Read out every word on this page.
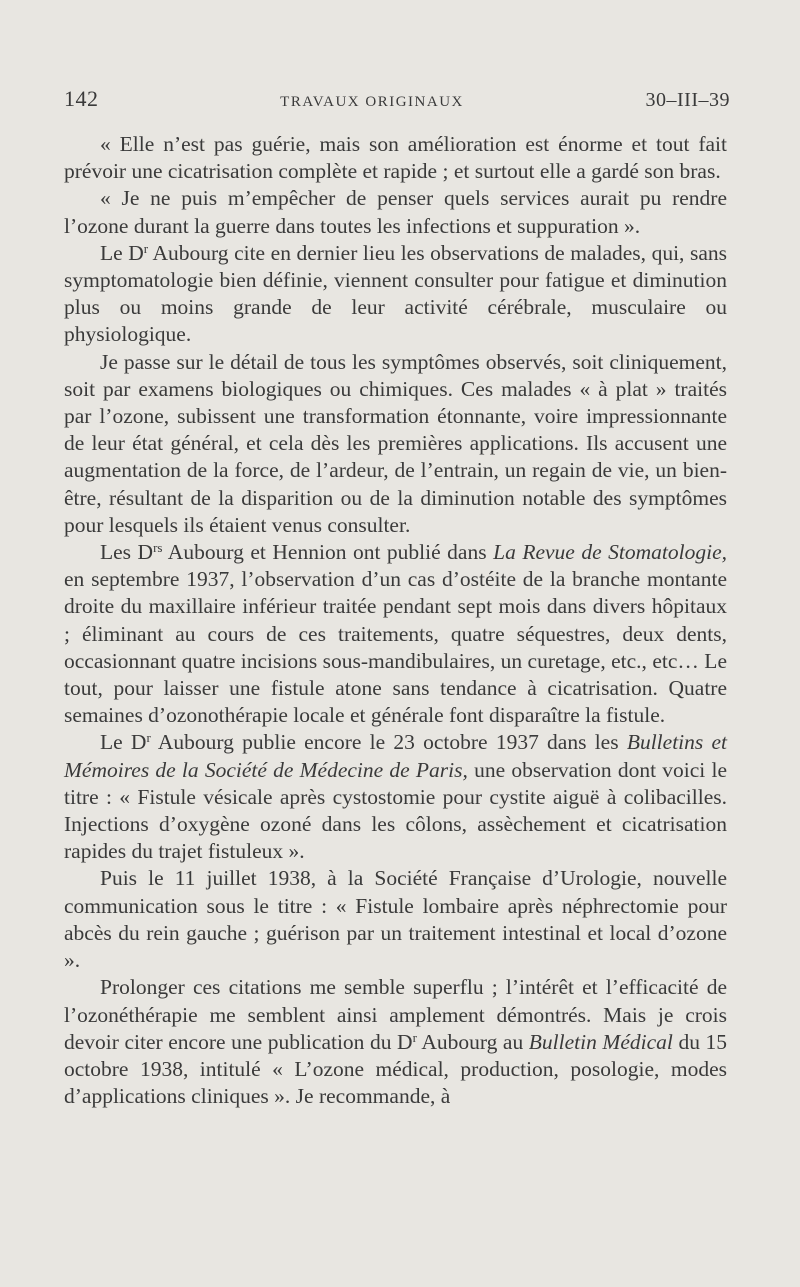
142	TRAVAUX ORIGINAUX	30–III–39

« Elle n’est pas guérie, mais son amélioration est énorme et tout fait prévoir une cicatrisation complète et rapide ; et surtout elle a gardé son bras.

« Je ne puis m’empêcher de penser quels services aurait pu rendre l’ozone durant la guerre dans toutes les infections et suppuration ».

Le $D^r$ Aubourg cite en dernier lieu les observations de malades, qui, sans symptomatologie bien définie, viennent consulter pour fatigue et diminution plus ou moins grande de leur activité cérébrale, musculaire ou physiologique.

Je passe sur le détail de tous les symptômes observés, soit cliniquement, soit par examens biologiques ou chimiques. Ces malades « à plat » traités par l’ozone, subissent une transformation étonnante, voire impressionnante de leur état général, et cela dès les premières applications. Ils accusent une augmentation de la force, de l’ardeur, de l’entrain, un regain de vie, un bien-être, résultant de la disparition ou de la diminution notable des symptômes pour lesquels ils étaient venus consulter.

Les $D^{rs}$ Aubourg et Hennion ont publié dans La Revue de Stomatologie, en septembre 1937, l’observation d’un cas d’ostéite de la branche montante droite du maxillaire inférieur traitée pendant sept mois dans divers hôpitaux ; éliminant au cours de ces traitements, quatre séquestres, deux dents, occasionnant quatre incisions sous-mandibulaires, un curetage, etc., etc… Le tout, pour laisser une fistule atone sans tendance à cicatrisation. Quatre semaines d’ozonothérapie locale et générale font disparaître la fistule.

Le $D^r$ Aubourg publie encore le 23 octobre 1937 dans les Bulletins et Mémoires de la Société de Médecine de Paris, une observation dont voici le titre : « Fistule vésicale après cystostomie pour cystite aiguë à colibacilles. Injections d’oxygène ozoné dans les côlons, assèchement et cicatrisation rapides du trajet fistuleux ».

Puis le 11 juillet 1938, à la Société Française d’Urologie, nouvelle communication sous le titre : « Fistule lombaire après néphrectomie pour abcès du rein gauche ; guérison par un traitement intestinal et local d’ozone ».

Prolonger ces citations me semble superflu ; l’intérêt et l’efficacité de l’ozonéthérapie me semblent ainsi amplement démontrés. Mais je crois devoir citer encore une publication du $D^r$ Aubourg au Bulletin Médical du 15 octobre 1938, intitulé « L’ozone médical, production, posologie, modes d’applications cliniques ». Je recommande, à
